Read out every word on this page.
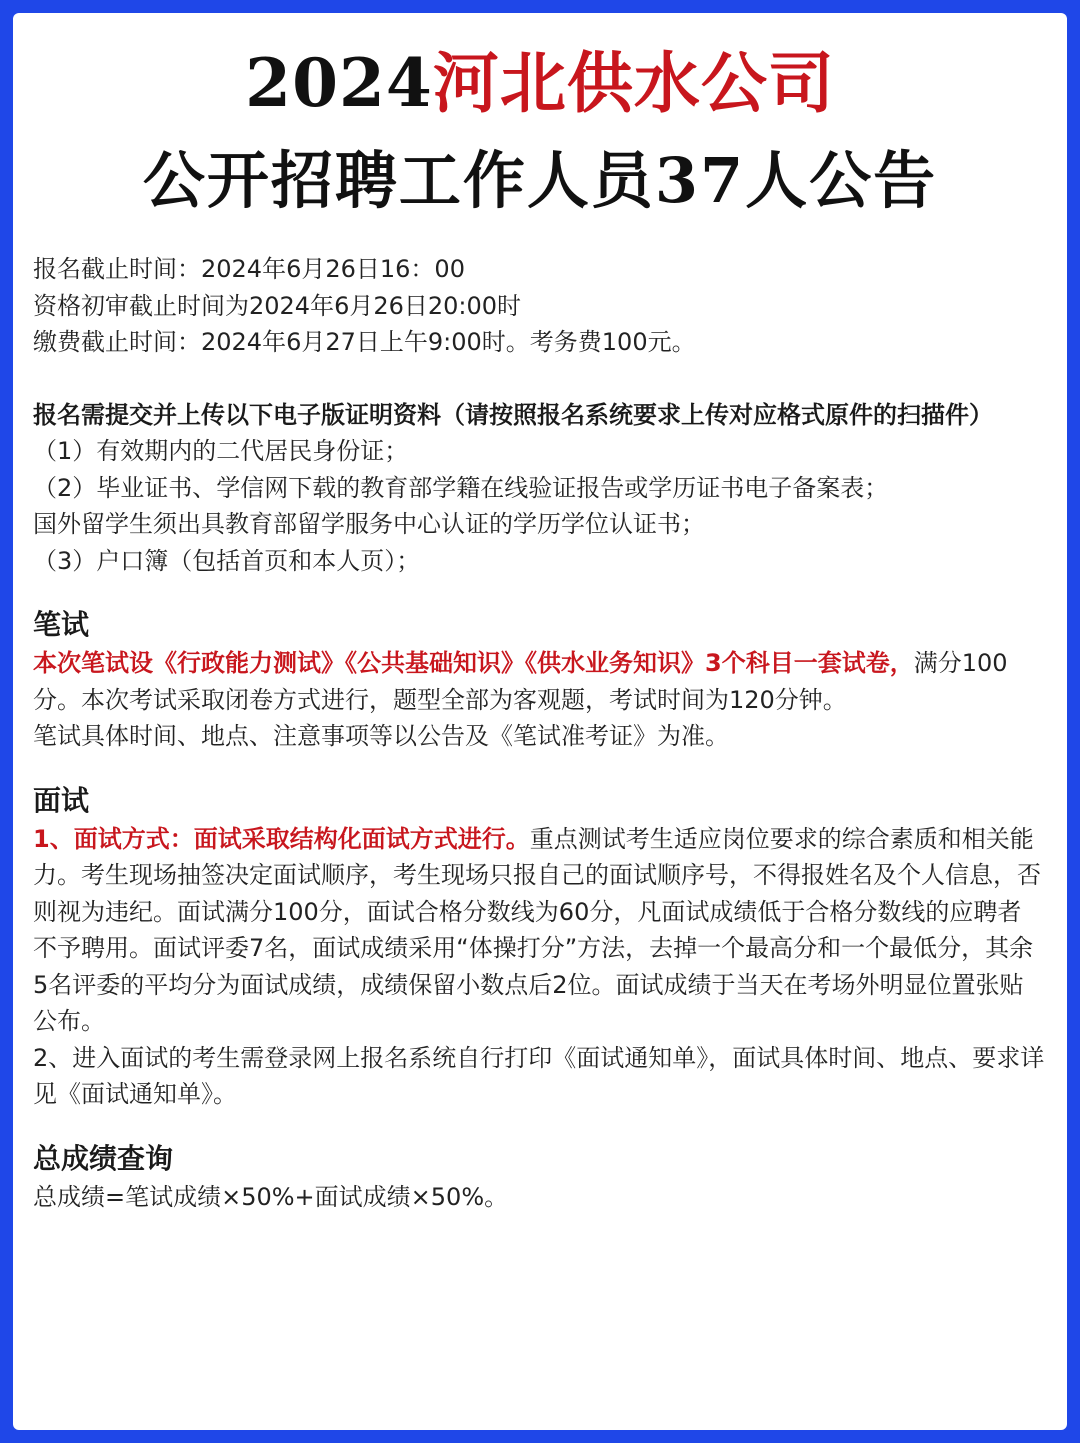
2024河北供水公司
公开招聘工作人员37人公告

报名截止时间：2024年6月26日16：00

资格初审截止时间为2024年6月26日20:00时

缴费截止时间：2024年6月27日上午9:00时。考务费100元。

报名需提交并上传以下电子版证明资料（请按照报名系统要求上传对应格式原件的扫描件）

（1）有效期内的二代居民身份证；

（2）毕业证书、学信网下载的教育部学籍在线验证报告或学历证书电子备案表；

国外留学生须出具教育部留学服务中心认证的学历学位认证书；

（3）户口簿（包括首页和本人页）；

笔试

本次笔试设《行政能力测试》《公共基础知识》《供水业务知识》3个科目一套试卷，满分100分。本次考试采取闭卷方式进行，题型全部为客观题，考试时间为120分钟。

笔试具体时间、地点、注意事项等以公告及《笔试准考证》为准。

面试

1、面试方式：面试采取结构化面试方式进行。重点测试考生适应岗位要求的综合素质和相关能力。考生现场抽签决定面试顺序，考生现场只报自己的面试顺序号，不得报姓名及个人信息，否则视为违纪。面试满分100分，面试合格分数线为60分，凡面试成绩低于合格分数线的应聘者不予聘用。面试评委7名，面试成绩采用“体操打分”方法，去掉一个最高分和一个最低分，其余5名评委的平均分为面试成绩，成绩保留小数点后2位。面试成绩于当天在考场外明显位置张贴公布。

2、进入面试的考生需登录网上报名系统自行打印《面试通知单》，面试具体时间、地点、要求详见《面试通知单》。

总成绩查询

总成绩=笔试成绩×50%+面试成绩×50%。
